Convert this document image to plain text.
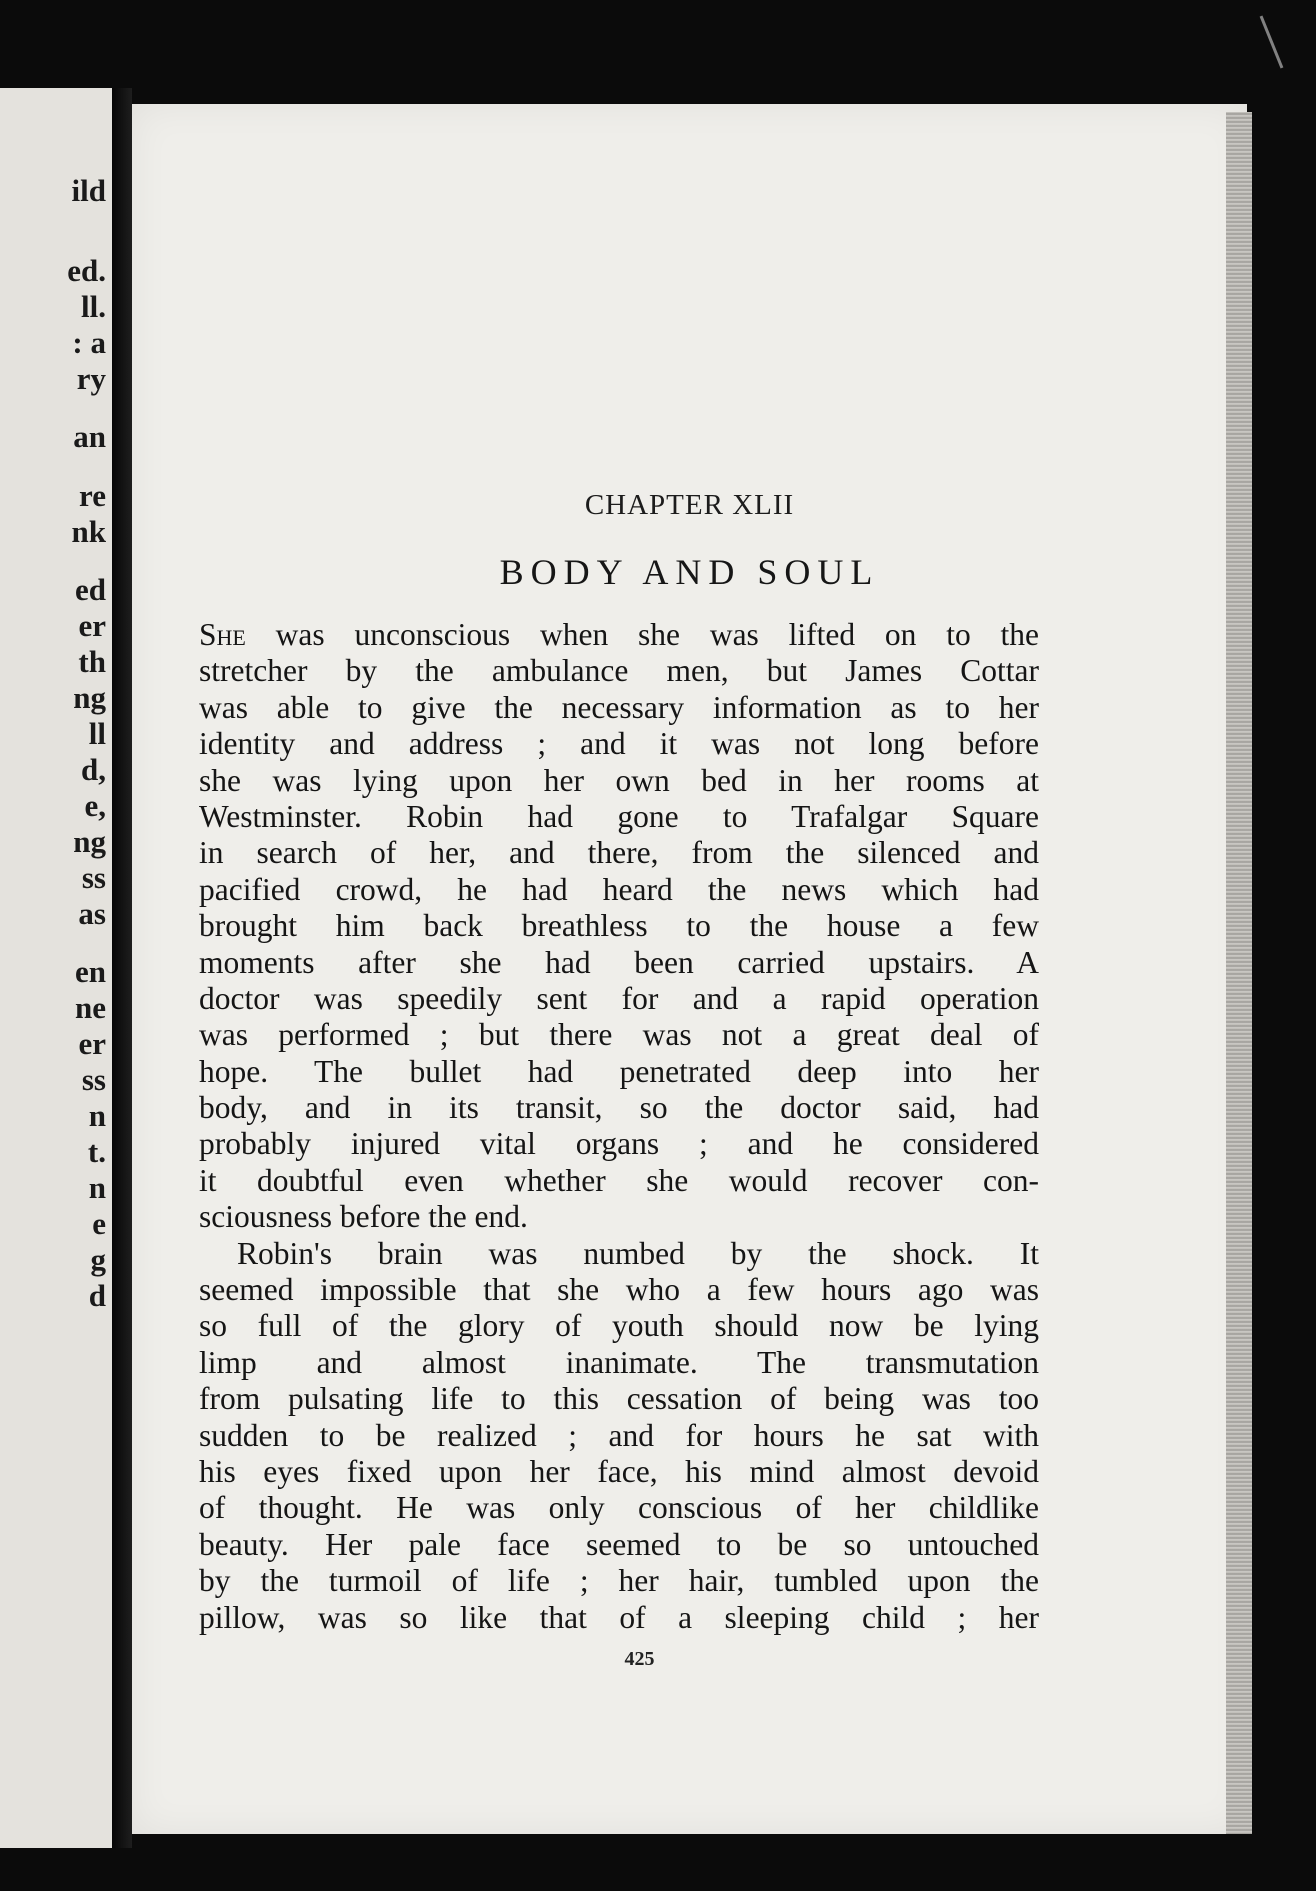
ild
ed.
ll.
: a
ry
an
re
nk
ed
er
th
ng
ll
d,
e,
ng
ss
as
en
ne
er
ss
n
t.
n
e
g
d
CHAPTER XLII
BODY AND SOUL
She was unconscious when she was lifted on to the
stretcher by the ambulance men, but James Cottar
was able to give the necessary information as to her
identity and address ; and it was not long before
she was lying upon her own bed in her rooms at
Westminster. Robin had gone to Trafalgar Square
in search of her, and there, from the silenced and
pacified crowd, he had heard the news which had
brought him back breathless to the house a few
moments after she had been carried upstairs. A
doctor was speedily sent for and a rapid operation
was performed ; but there was not a great deal of
hope. The bullet had penetrated deep into her
body, and in its transit, so the doctor said, had
probably injured vital organs ; and he considered
it doubtful even whether she would recover con-
sciousness before the end.
Robin's brain was numbed by the shock. It
seemed impossible that she who a few hours ago was
so full of the glory of youth should now be lying
limp and almost inanimate. The transmutation
from pulsating life to this cessation of being was too
sudden to be realized ; and for hours he sat with
his eyes fixed upon her face, his mind almost devoid
of thought. He was only conscious of her childlike
beauty. Her pale face seemed to be so untouched
by the turmoil of life ; her hair, tumbled upon the
pillow, was so like that of a sleeping child ; her
425
